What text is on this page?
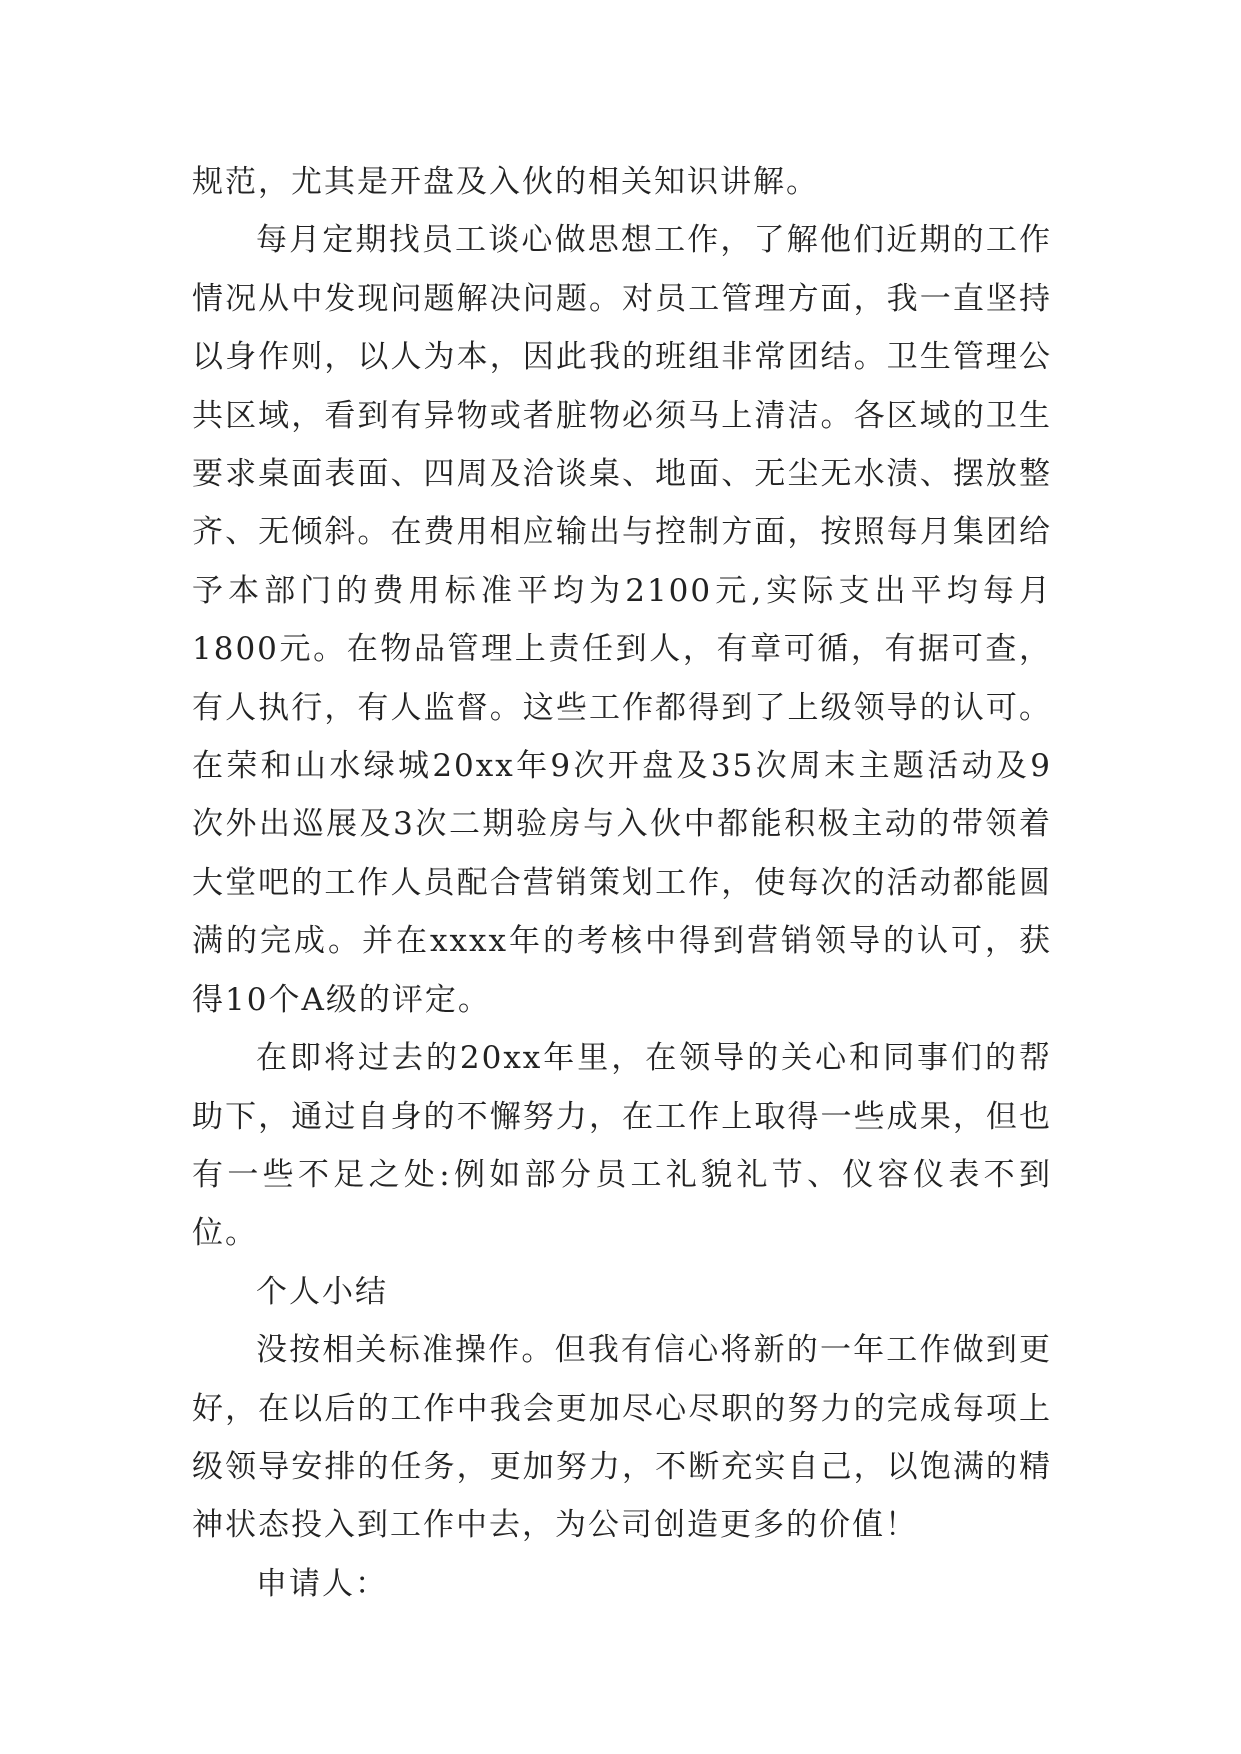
规范，尤其是开盘及入伙的相关知识讲解。

每月定期找员工谈心做思想工作，了解他们近期的工作情况从中发现问题解决问题。对员工管理方面，我一直坚持以身作则，以人为本，因此我的班组非常团结。卫生管理公共区域，看到有异物或者脏物必须马上清洁。各区域的卫生要求桌面表面、四周及洽谈桌、地面、无尘无水渍、摆放整齐、无倾斜。在费用相应输出与控制方面，按照每月集团给予本部门的费用标准平均为2100元,实际支出平均每月1800元。在物品管理上责任到人，有章可循，有据可查，有人执行，有人监督。这些工作都得到了上级领导的认可。在荣和山水绿城20xx年9次开盘及35次周末主题活动及9次外出巡展及3次二期验房与入伙中都能积极主动的带领着大堂吧的工作人员配合营销策划工作，使每次的活动都能圆满的完成。并在xxxx年的考核中得到营销领导的认可，获得10个A级的评定。

在即将过去的20xx年里，在领导的关心和同事们的帮助下，通过自身的不懈努力，在工作上取得一些成果，但也有一些不足之处:例如部分员工礼貌礼节、仪容仪表不到位。

个人小结

没按相关标准操作。但我有信心将新的一年工作做到更好，在以后的工作中我会更加尽心尽职的努力的完成每项上级领导安排的任务，更加努力，不断充实自己，以饱满的精神状态投入到工作中去，为公司创造更多的价值！

申请人：
